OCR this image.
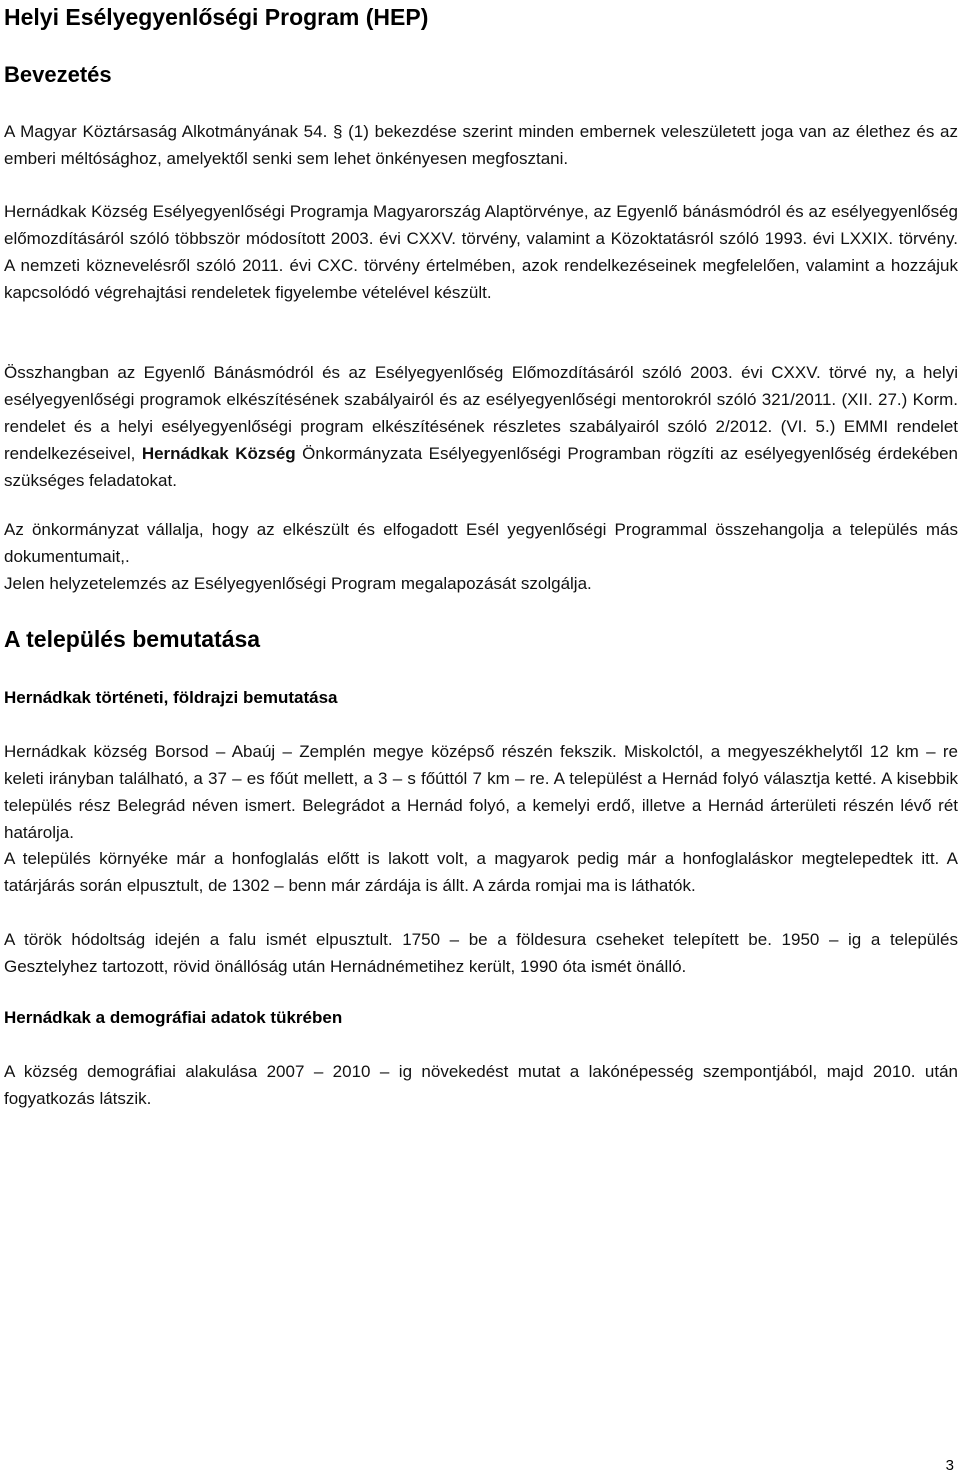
Helyi Esélyegyenlőségi Program (HEP)
Bevezetés

A Magyar Köztársaság Alkotmányának 54. § (1) bekezdése szerint minden embernek veleszületett joga van az élethez és az emberi méltósághoz, amelyektől senki sem lehet önkényesen megfosztani.

Hernádkak Község Esélyegyenlőségi Programja Magyarország Alaptörvénye, az Egyenlő bánásmódról és az esélyegyenlőség előmozdításáról szóló többször módosított 2003. évi CXXV. törvény, valamint a Közoktatásról szóló 1993. évi LXXIX. törvény. A nemzeti köznevelésről szóló 2011. évi CXC. törvény értelmében, azok rendelkezéseinek megfelelően, valamint a hozzájuk kapcsolódó végrehajtási rendeletek figyelembe vételével készült.

Összhangban az Egyenlő Bánásmódról és az Esélyegyenlőség Előmozdításáról szóló 2003. évi CXXV. törvé ny, a helyi esélyegyenlőségi programok elkészítésének szabályairól és az esélyegyenlőségi mentorokról szóló 321/2011. (XII. 27.) Korm. rendelet és a helyi esélyegyenlőségi program elkészítésének részletes szabályairól szóló 2/2012. (VI. 5.) EMMI rendelet rendelkezéseivel, Hernádkak Község Önkormányzata Esélyegyenlőségi Programban rögzíti az esélyegyenlőség érdekében szükséges feladatokat.

Az önkormányzat vállalja, hogy az elkészült és elfogadott Esél yegyenlőségi Programmal összehangolja a település más dokumentumait,.

Jelen helyzetelemzés az Esélyegyenlőségi Program megalapozását szolgálja.

A település bemutatása
Hernádkak történeti, földrajzi bemutatása

Hernádkak község Borsod – Abaúj – Zemplén megye középső részén fekszik. Miskolctól, a megyeszékhelytől 12 km – re keleti irányban található, a 37 – es főút mellett, a 3 – s főúttól 7 km – re. A települést a Hernád folyó választja ketté. A kisebbik település rész Belegrád néven ismert. Belegrádot a Hernád folyó, a kemelyi erdő, illetve a Hernád árterületi részén lévő rét határolja.

A település környéke már a honfoglalás előtt is lakott volt, a magyarok pedig már a honfoglaláskor megtelepedtek itt. A tatárjárás során elpusztult, de 1302 – benn már zárdája is állt. A zárda romjai ma is láthatók.

A török hódoltság idején a falu ismét elpusztult. 1750 – be a földesura cseheket telepített be. 1950 – ig a település Gesztelyhez tartozott, rövid önállóság után Hernádnémetihez került, 1990 óta ismét önálló.

Hernádkak a demográfiai adatok tükrében

A község demográfiai alakulása 2007 – 2010 – ig növekedést mutat a lakónépesség szempontjából, majd 2010. után fogyatkozás látszik.

3
